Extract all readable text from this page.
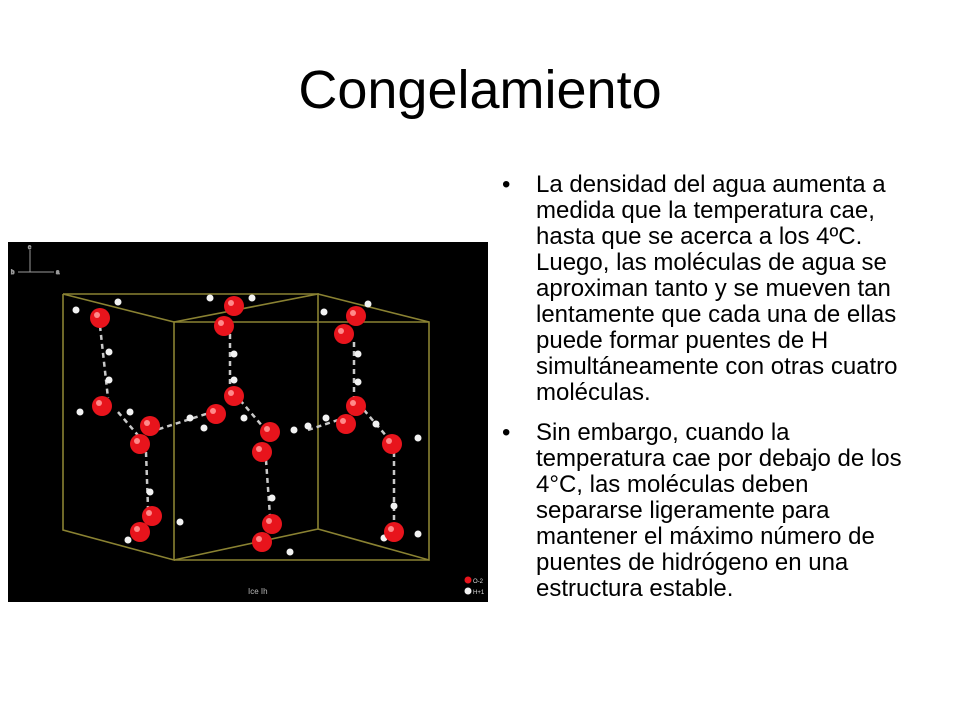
Congelamiento
c
b	a
Ice Ih
O-2
H+1
• La densidad del agua aumenta a medida que la temperatura cae, hasta que se acerca a los 4ºC. Luego, las moléculas de agua se aproximan tanto y se mueven tan lentamente que cada una de ellas puede formar puentes de H simultáneamente con otras cuatro moléculas.
• Sin embargo, cuando la temperatura cae por debajo de los 4°C, las moléculas deben separarse ligeramente para mantener el máximo número de puentes de hidrógeno en una estructura estable.
